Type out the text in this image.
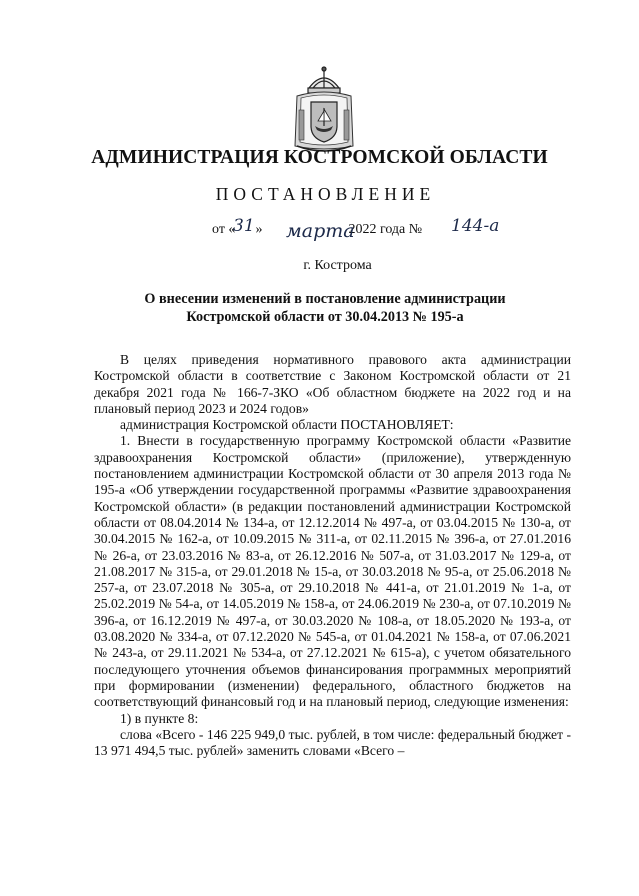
АДМИНИСТРАЦИЯ КОСТРОМСКОЙ ОБЛАСТИ
ПОСТАНОВЛЕНИЕ
от « »	2022 года №
31 марта	144-а
г. Кострома
О внесении изменений в постановление администрации
Костромской области от 30.04.2013 № 195-а

В целях приведения нормативного правового акта администрации Костромской области в соответствие с Законом Костромской области от 21 декабря 2021 года № 166-7-ЗКО «Об областном бюджете на 2022 год и на плановый период 2023 и 2024 годов»

администрация Костромской области ПОСТАНОВЛЯЕТ:

1. Внести в государственную программу Костромской области «Развитие здравоохранения Костромской области» (приложение), утвержденную постановлением администрации Костромской области от 30 апреля 2013 года № 195-а «Об утверждении государственной программы «Развитие здравоохранения Костромской области» (в редакции постановлений администрации Костромской области от 08.04.2014 № 134-а, от 12.12.2014 № 497-а, от 03.04.2015 № 130-а, от 30.04.2015 № 162-а, от 10.09.2015 № 311-а, от 02.11.2015 № 396-а, от 27.01.2016 № 26-а, от 23.03.2016 № 83-а, от 26.12.2016 № 507-а, от 31.03.2017 № 129-а, от 21.08.2017 № 315-а, от 29.01.2018 № 15-а, от 30.03.2018 № 95-а, от 25.06.2018 № 257-а, от 23.07.2018 № 305-а, от 29.10.2018 № 441-а, от 21.01.2019 № 1-а, от 25.02.2019 № 54-а, от 14.05.2019 № 158-а, от 24.06.2019 № 230-а, от 07.10.2019 № 396-а, от 16.12.2019 № 497-а, от 30.03.2020 № 108-а, от 18.05.2020 № 193-а, от 03.08.2020 № 334-а, от 07.12.2020 № 545-а, от 01.04.2021 № 158-а, от 07.06.2021 № 243-а, от 29.11.2021 № 534-а, от 27.12.2021 № 615-а), с учетом обязательного последующего уточнения объемов финансирования программных мероприятий при формировании (изменении) федерального, областного бюджетов на соответствующий финансовый год и на плановый период, следующие изменения:

1) в пункте 8:

слова «Всего - 146 225 949,0 тыс. рублей, в том числе: федеральный бюджет - 13 971 494,5 тыс. рублей» заменить словами «Всего –
